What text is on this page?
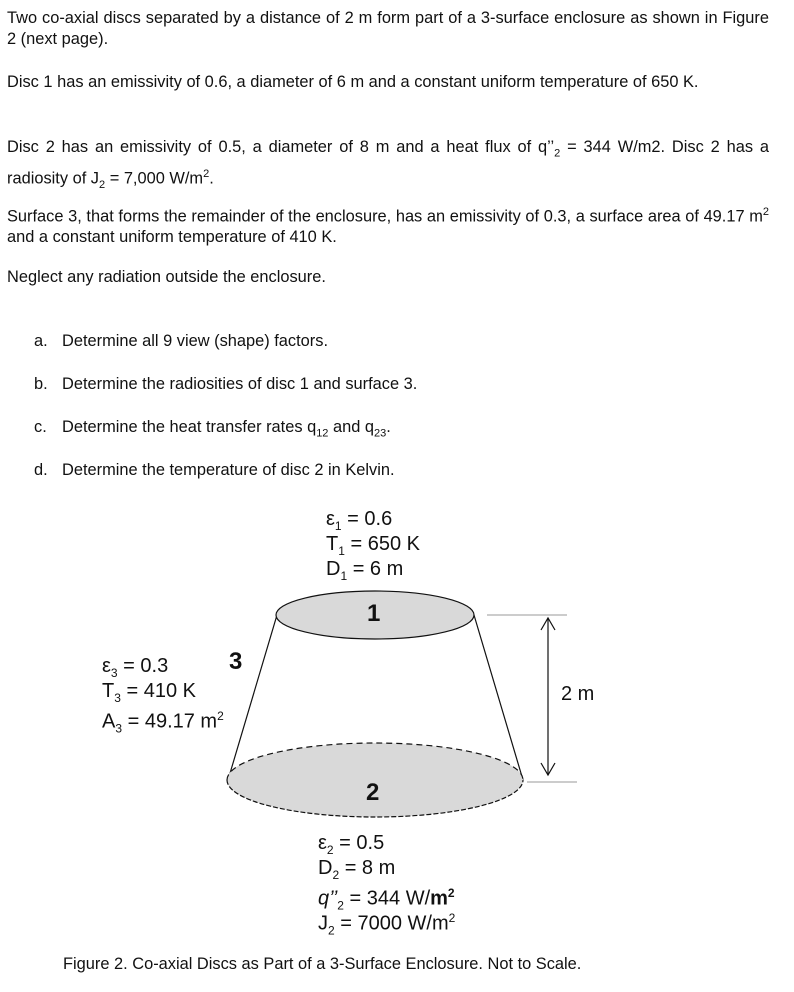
Two co-axial discs separated by a distance of 2 m form part of a 3-surface enclosure as shown in Figure 2 (next page).

Disc 1 has an emissivity of 0.6, a diameter of 6 m and a constant uniform temperature of 650 K.

Disc 2 has an emissivity of 0.5, a diameter of 8 m and a heat flux of $q’’_2 = 344$ W/m2. Disc 2 has a radiosity of $J_2 = 7,000$ $W/m^2$.

Surface 3, that forms the remainder of the enclosure, has an emissivity of 0.3, a surface area of 49.17 $m^2$ and a constant uniform temperature of 410 K.

Neglect any radiation outside the enclosure.

a. Determine all 9 view (shape) factors.
b. Determine the radiosities of disc 1 and surface 3.
c. Determine the heat transfer rates $q_{12}$ and $q_{23}$.
d. Determine the temperature of disc 2 in Kelvin.
1
2
3
2 m
$\varepsilon_1 = 0.6$
$T_1 = 650$ K
$D_1 = 6$ m
$\varepsilon_3 = 0.3$
$T_3 = 410$ K
$A_3 = 49.17$ $m^2$
$\varepsilon_2 = 0.5$
$D_2 = 8$ m
$q’’_2 = 344$ $W/m^2$
$J_2 = 7000$ $W/m^2$
Figure 2. Co-axial Discs as Part of a 3-Surface Enclosure. Not to Scale.
